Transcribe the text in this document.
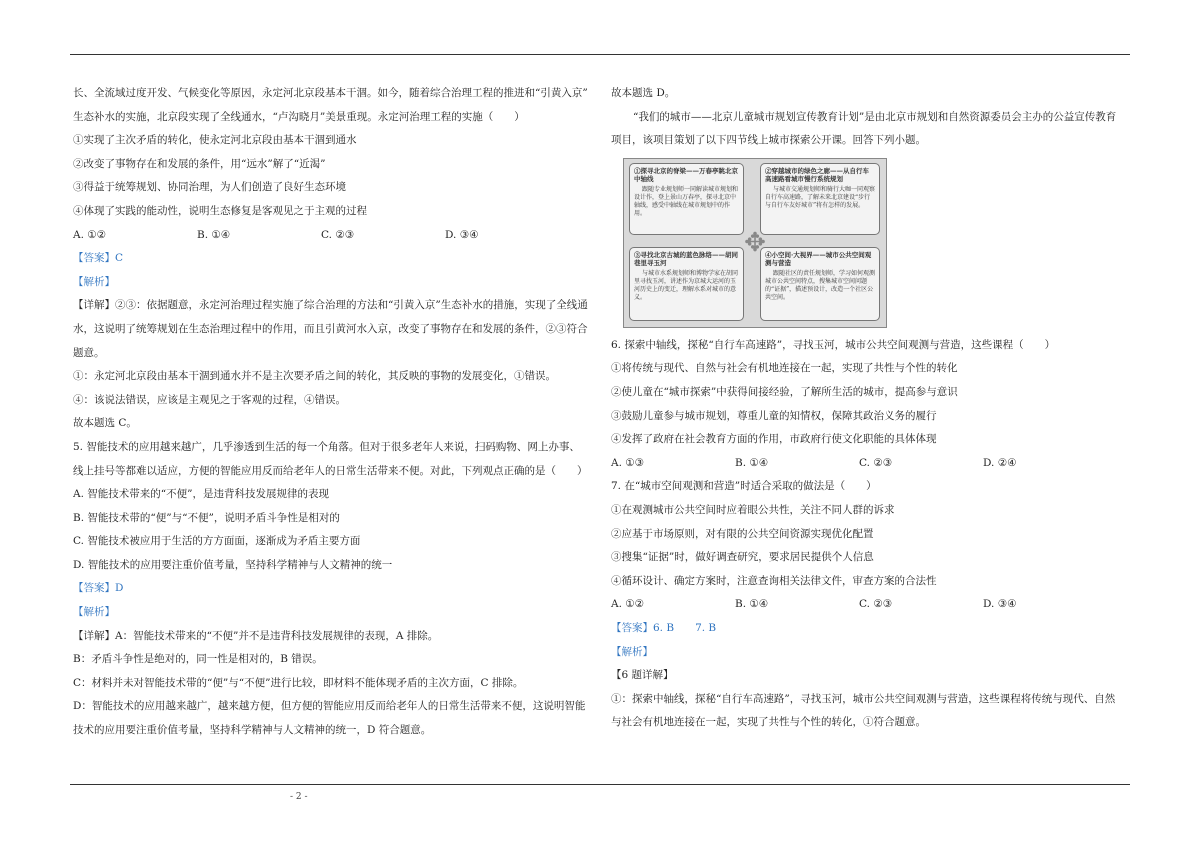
长、全流域过度开发、气候变化等原因，永定河北京段基本干涸。如今，随着综合治理工程的推进和“引黄入京”

生态补水的实施，北京段实现了全线通水，“卢沟晓月”美景重现。永定河治理工程的实施（　　）

①实现了主次矛盾的转化，使永定河北京段由基本干涸到通水

②改变了事物存在和发展的条件，用“远水”解了“近渴”

③得益于统筹规划、协同治理，为人们创造了良好生态环境

④体现了实践的能动性，说明生态修复是客观见之于主观的过程

A. ①②	B. ①④	C. ②③	D. ③④

【答案】C

【解析】

【详解】②③：依据题意，永定河治理过程实施了综合治理的方法和“引黄入京”生态补水的措施，实现了全线通

水，这说明了统筹规划在生态治理过程中的作用，而且引黄河水入京，改变了事物存在和发展的条件，②③符合

题意。

①：永定河北京段由基本干涸到通水并不是主次要矛盾之间的转化，其反映的事物的发展变化，①错误。

④：该说法错误，应该是主观见之于客观的过程，④错误。

故本题选 C。

5. 智能技术的应用越来越广，几乎渗透到生活的每一个角落。但对于很多老年人来说，扫码购物、网上办事、

线上挂号等都难以适应，方便的智能应用反而给老年人的日常生活带来不便。对此，下列观点正确的是（　　）

A. 智能技术带来的“不便”，是违背科技发展规律的表现

B. 智能技术带的“便”与“不便”，说明矛盾斗争性是相对的

C. 智能技术被应用于生活的方方面面，逐渐成为矛盾主要方面

D. 智能技术的应用要注重价值考量，坚持科学精神与人文精神的统一

【答案】D

【解析】

【详解】A：智能技术带来的“不便”并不是违背科技发展规律的表现，A 排除。

B：矛盾斗争性是绝对的，同一性是相对的，B 错误。

C：材料并未对智能技术带的“便”与“不便”进行比较，即材料不能体现矛盾的主次方面，C 排除。

D：智能技术的应用越来越广，越来越方便，但方便的智能应用反而给老年人的日常生活带来不便，这说明智能

技术的应用要注重价值考量，坚持科学精神与人文精神的统一，D 符合题意。

故本题选 D。

“我们的城市——北京儿童城市规划宣传教育计划”是由北京市规划和自然资源委员会主办的公益宣传教育

项目，该项目策划了以下四节线上城市探索公开课。回答下列小题。

①探寻北京的脊梁——万春亭眺北京中轴线
跟随专业规划师一同解读城市规划和设计作，登上景山万春亭，探寻北京中轴线，感受中轴线在城市规划中的作用。
②穿越城市的绿色之廊——从自行车高速路看城市慢行系统规划
与城市交通规划师和骑行大咖一同观察自行车高速路，了解未来北京建设“步行与自行车友好城市”将有怎样的发展。
③寻找北京古城的蓝色脉络——胡同巷里寻玉河
与城市水系规划师和博物学家在胡同里寻找玉河，讲述作为京城大运河的玉河历史上的变迁，理解水系对城市的意义。
④小空间·大视界——城市公共空间观测与营造
跟随社区的责任规划师，学习如何观测城市公共空间特点，搜集城市空间问题的“证据”，描述预设计，改造一个社区公共空间。
✥

6. 探索中轴线，探秘“自行车高速路”，寻找玉河，城市公共空间观测与营造，这些课程（　　）

①将传统与现代、自然与社会有机地连接在一起，实现了共性与个性的转化

②使儿童在“城市探索”中获得间接经验，了解所生活的城市，提高参与意识

③鼓励儿童参与城市规划，尊重儿童的知情权，保障其政治义务的履行

④发挥了政府在社会教育方面的作用，市政府行使文化职能的具体体现

A. ①③	B. ①④	C. ②③	D. ②④

7. 在“城市空间观测和营造”时适合采取的做法是（　　）

①在观测城市公共空间时应着眼公共性，关注不同人群的诉求

②应基于市场原则，对有限的公共空间资源实现优化配置

③搜集“证据”时，做好调查研究，要求居民提供个人信息

④循环设计、确定方案时，注意查询相关法律文件，审查方案的合法性

A. ①②	B. ①④	C. ②③	D. ③④

【答案】6. B　　7. B

【解析】

【6 题详解】

①：探索中轴线，探秘“自行车高速路”，寻找玉河，城市公共空间观测与营造，这些课程将传统与现代、自然

与社会有机地连接在一起，实现了共性与个性的转化，①符合题意。

- 2 -
